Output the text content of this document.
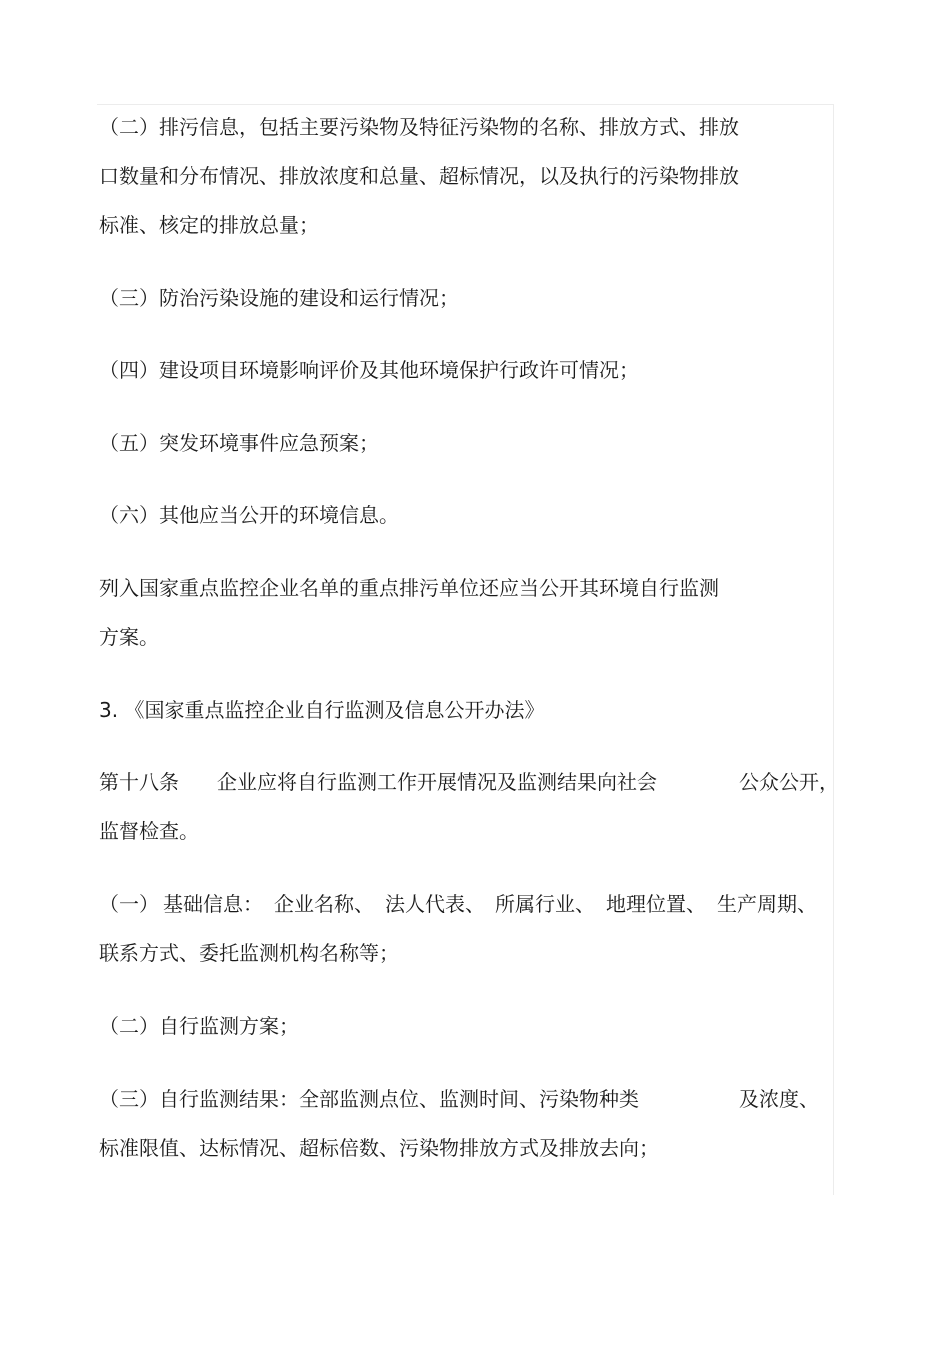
（二）排污信息，包括主要污染物及特征污染物的名称、排放方式、排放

口数量和分布情况、排放浓度和总量、超标情况，以及执行的污染物排放

标准、核定的排放总量；

（三）防治污染设施的建设和运行情况；

（四）建设项目环境影响评价及其他环境保护行政许可情况；

（五）突发环境事件应急预案；

（六）其他应当公开的环境信息。

列入国家重点监控企业名单的重点排污单位还应当公开其环境自行监测

方案。

3. 《国家重点监控企业自行监测及信息公开办法》

第十八条 企业应将自行监测工作开展情况及监测结果向社会	公众公开，

监督检查。

（一） 基础信息： 企业名称、 法人代表、 所属行业、 地理位置、 生产周期、

联系方式、委托监测机构名称等；

（二）自行监测方案；

（三）自行监测结果：全部监测点位、监测时间、污染物种类	及浓度、

标准限值、达标情况、超标倍数、污染物排放方式及排放去向；
